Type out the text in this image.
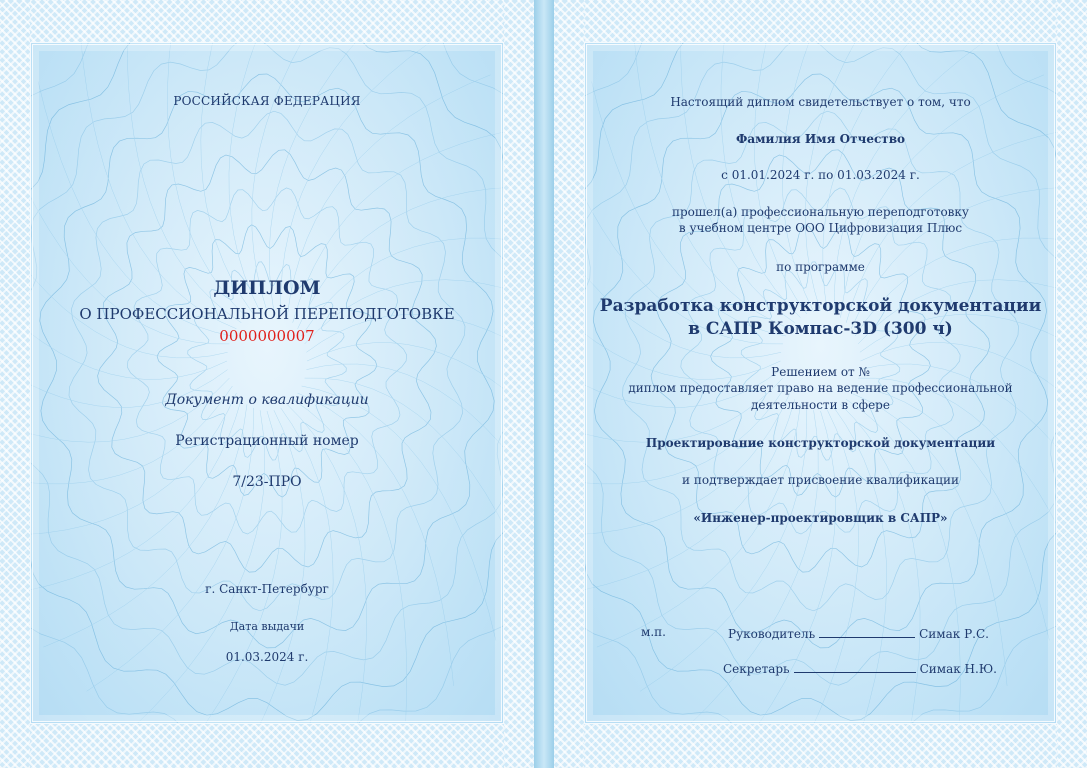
РОССИЙСКАЯ ФЕДЕРАЦИЯ
ДИПЛОМ
О ПРОФЕССИОНАЛЬНОЙ ПЕРЕПОДГОТОВКЕ
0000000007
Документ о квалификации
Регистрационный номер
7/23-ПРО
г. Санкт-Петербург
Дата выдачи
01.03.2024 г.
Настоящий диплом свидетельствует о том, что
Фамилия Имя Отчество
с 01.01.2024 г. по 01.03.2024 г.
прошел(а) профессиональную переподготовку
в учебном центре ООО Цифровизация Плюс
по программе
Разработка конструкторской документации
в САПР Компас-3D (300 ч)
Решением от №
диплом предоставляет право на ведение профессиональной
деятельности в сфере
Проектирование конструкторской документации
и подтверждает присвоение квалификации
«Инженер-проектировщик в САПР»
м.п.	Руководитель	Симак Р.С.
Секретарь	Симак Н.Ю.
